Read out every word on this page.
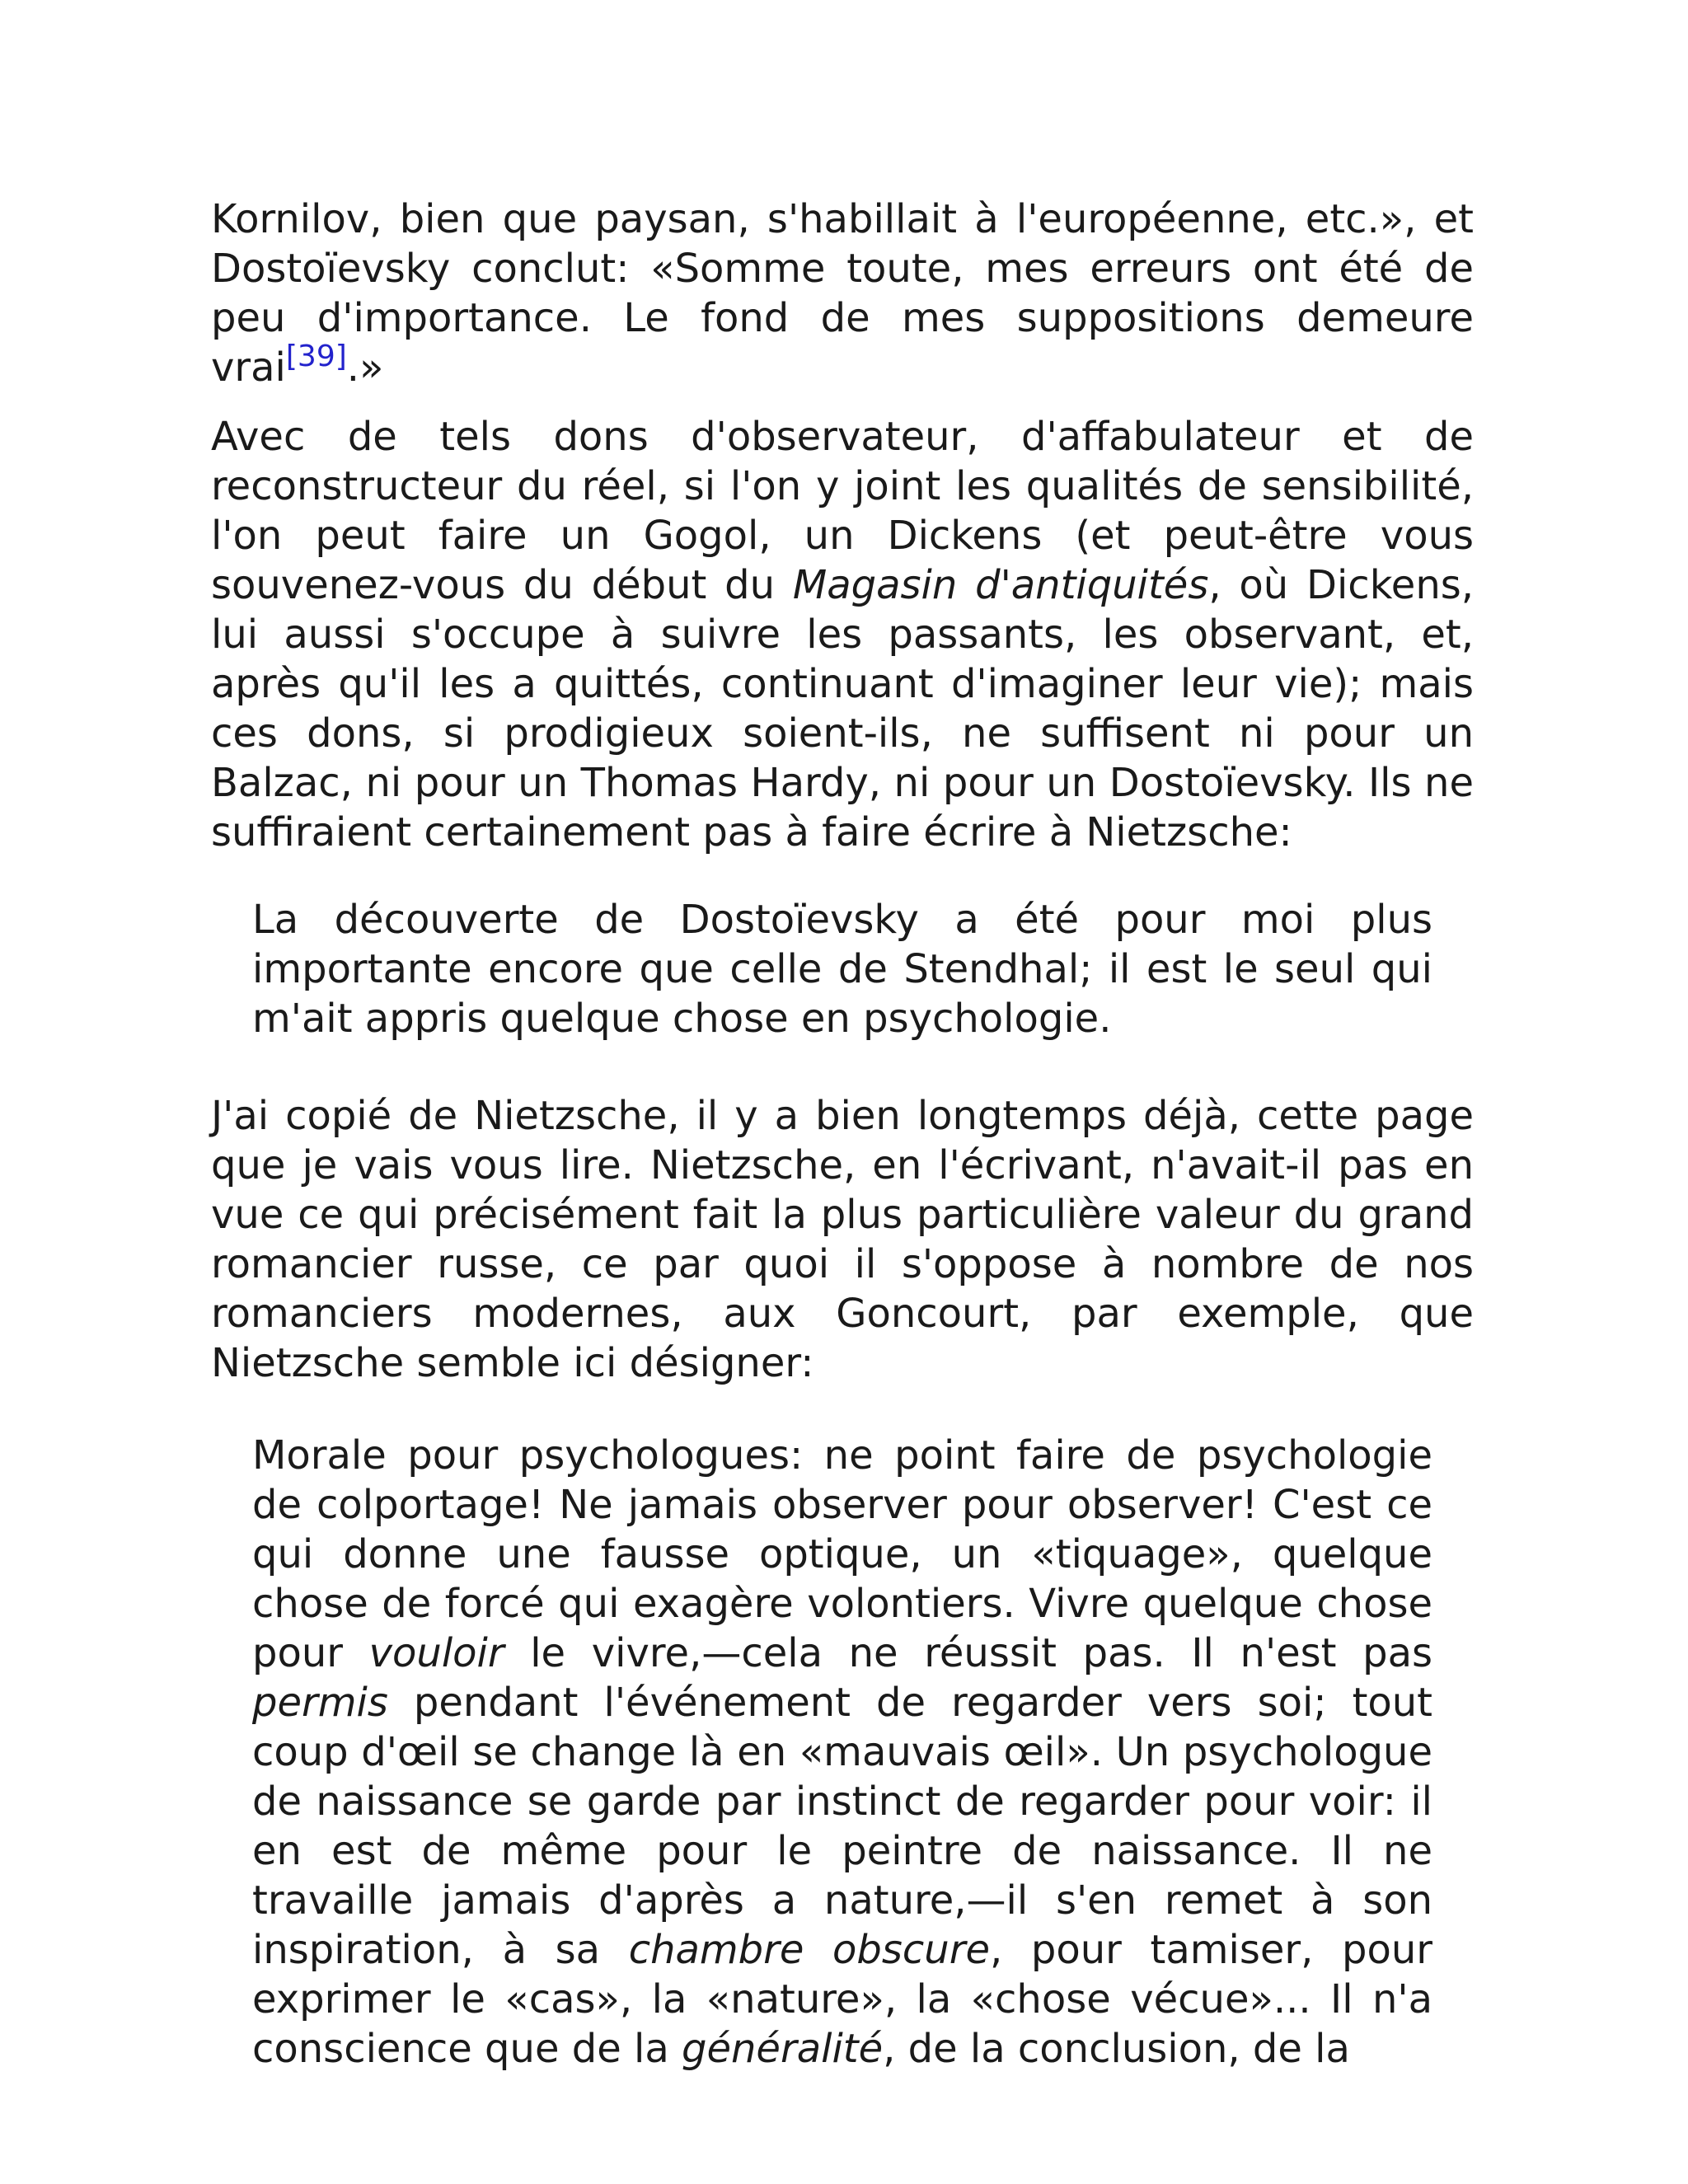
Kornilov, bien que paysan, s'habillait à l'européenne, etc.», et Dostoïevsky conclut: «Somme toute, mes erreurs ont été de peu d'importance. Le fond de mes suppositions demeure vrai[39].»

Avec de tels dons d'observateur, d'affabulateur et de reconstructeur du réel, si l'on y joint les qualités de sensibilité, l'on peut faire un Gogol, un Dickens (et peut-être vous souvenez-vous du début du Magasin d'antiquités, où Dickens, lui aussi s'occupe à suivre les passants, les observant, et, après qu'il les a quittés, continuant d'imaginer leur vie); mais ces dons, si prodigieux soient-ils, ne suffisent ni pour un Balzac, ni pour un Thomas Hardy, ni pour un Dostoïevsky. Ils ne suffiraient certainement pas à faire écrire à Nietzsche:

La découverte de Dostoïevsky a été pour moi plus importante encore que celle de Stendhal; il est le seul qui m'ait appris quelque chose en psychologie.

J'ai copié de Nietzsche, il y a bien longtemps déjà, cette page que je vais vous lire. Nietzsche, en l'écrivant, n'avait-il pas en vue ce qui précisément fait la plus particulière valeur du grand romancier russe, ce par quoi il s'oppose à nombre de nos romanciers modernes, aux Goncourt, par exemple, que Nietzsche semble ici désigner:

Morale pour psychologues: ne point faire de psychologie de colportage! Ne jamais observer pour observer! C'est ce qui donne une fausse optique, un «tiquage», quelque chose de forcé qui exagère volontiers. Vivre quelque chose pour vouloir le vivre,—cela ne réussit pas. Il n'est pas permis pendant l'événement de regarder vers soi; tout coup d'œil se change là en «mauvais œil». Un psychologue de naissance se garde par instinct de regarder pour voir: il en est de même pour le peintre de naissance. Il ne travaille jamais d'après a nature,—il s'en remet à son inspiration, à sa chambre obscure, pour tamiser, pour exprimer le «cas», la «nature», la «chose vécue»... Il n'a conscience que de la généralité, de la conclusion, de la
